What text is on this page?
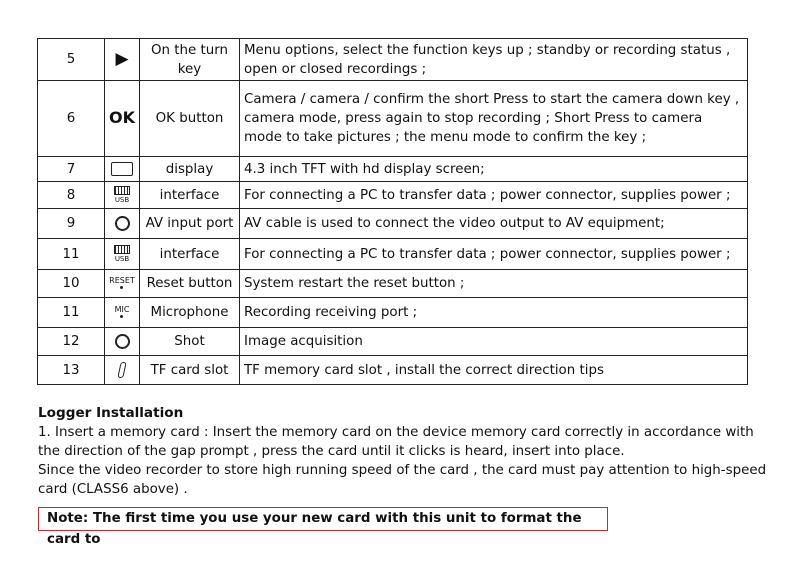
5	▶	On the turn key	Menu options, select the function keys up ; standby or recording status , open or closed recordings ;
6	OK	OK button	Camera / camera / confirm the short Press to start the camera down key , camera mode, press again to stop recording ; Short Press to camera mode to take pictures ; the menu mode to confirm the key ;
7		display	4.3 inch TFT with hd display screen;
8	USB	interface	For connecting a PC to transfer data ; power connector, supplies power ;
9		AV input port	AV cable is used to connect the video output to AV equipment;
11	USB	interface	For connecting a PC to transfer data ; power connector, supplies power ;
10	RESET	Reset button	System restart the reset button ;
11	MIC	Microphone	Recording receiving port ;
12		Shot	Image acquisition
13		TF card slot	TF memory card slot , install the correct direction tips
Logger Installation

1. Insert a memory card : Insert the memory card on the device memory card correctly in accordance with the direction of the gap prompt , press the card until it clicks is heard, insert into place.

Since the video recorder to store high running speed of the card , the card must pay attention to high-speed card (CLASS6 above) .

Note: The first time you use your new card with this unit to format the card to
